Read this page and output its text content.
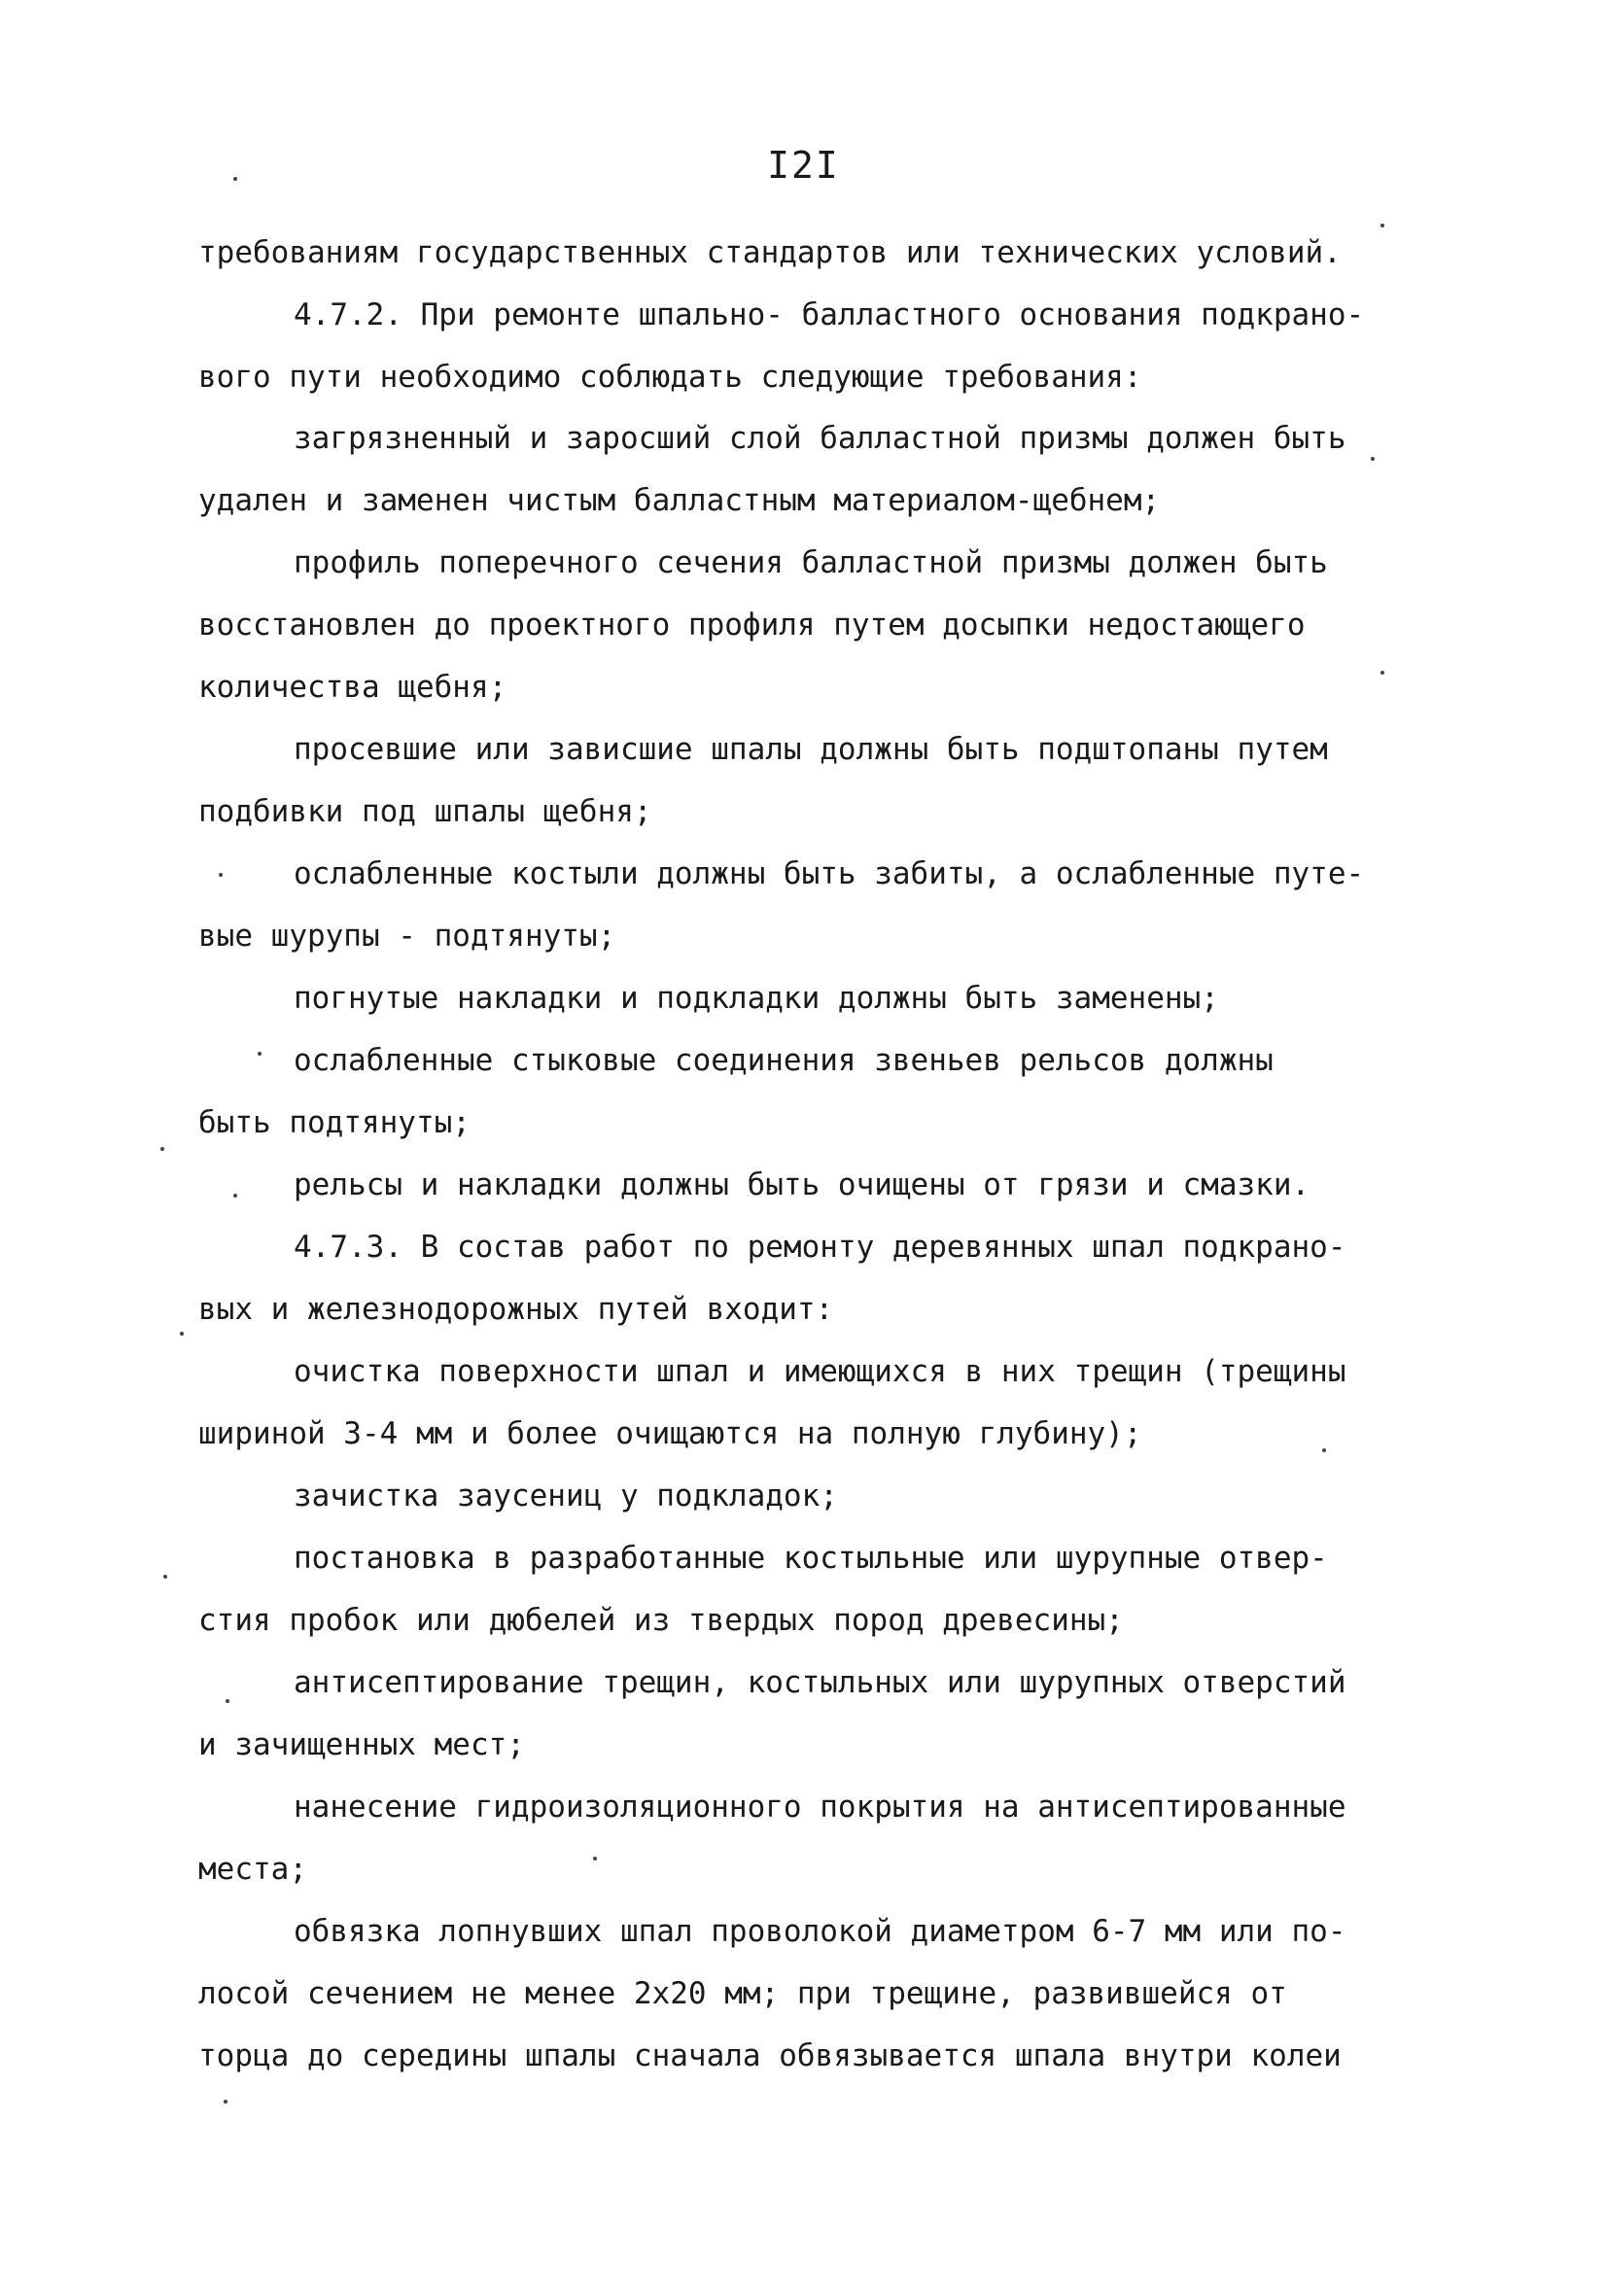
I2I
требованиям государственных стандартов или технических условий.
4.7.2. При ремонте шпально- балластного основания подкрано-
вого пути необходимо соблюдать следующие требования:
загрязненный и заросший слой балластной призмы должен быть
удален и заменен чистым балластным материалом-щебнем;
профиль поперечного сечения балластной призмы должен быть
восстановлен до проектного профиля путем досыпки недостающего
количества щебня;
просевшие или зависшие шпалы должны быть подштопаны путем
подбивки под шпалы щебня;
ослабленные костыли должны быть забиты, а ослабленные путе-
вые шурупы - подтянуты;
погнутые накладки и подкладки должны быть заменены;
ослабленные стыковые соединения звеньев рельсов должны
быть подтянуты;
рельсы и накладки должны быть очищены от грязи и смазки.
4.7.3. В состав работ по ремонту деревянных шпал подкрано-
вых и железнодорожных путей входит:
очистка поверхности шпал и имеющихся в них трещин (трещины
шириной 3-4 мм и более очищаются на полную глубину);
зачистка заусениц у подкладок;
постановка в разработанные костыльные или шурупные отвер-
стия пробок или дюбелей из твердых пород древесины;
антисептирование трещин, костыльных или шурупных отверстий
и зачищенных мест;
нанесение гидроизоляционного покрытия на антисептированные
места;
обвязка лопнувших шпал проволокой диаметром 6-7 мм или по-
лосой сечением не менее 2х20 мм; при трещине, развившейся от
торца до середины шпалы сначала обвязывается шпала внутри колеи
